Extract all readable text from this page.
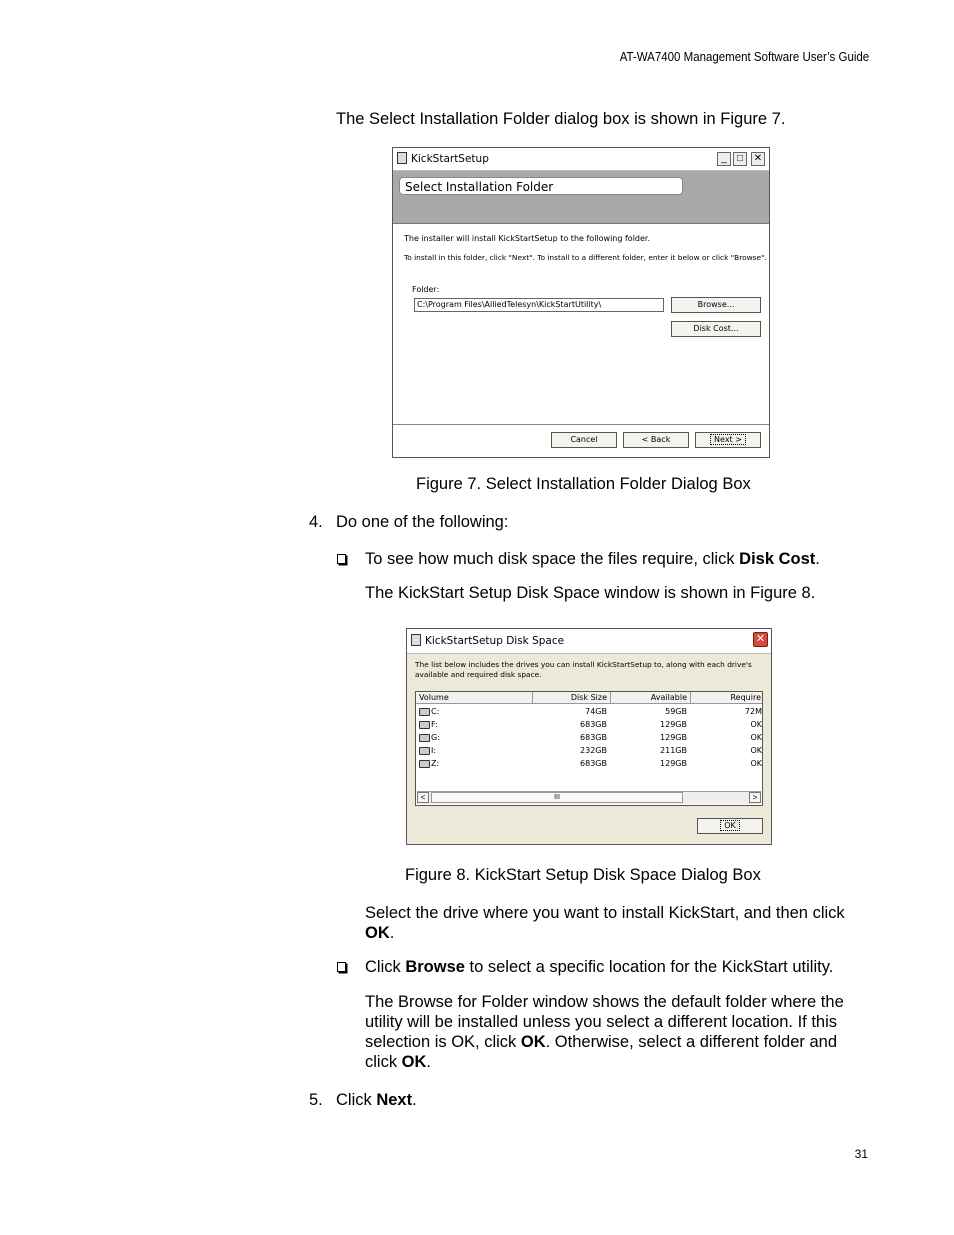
AT-WA7400 Management Software User’s Guide
The Select Installation Folder dialog box is shown in Figure 7.
KickStartSetup	_	□	✕
Select Installation Folder
The installer will install KickStartSetup to the following folder.
To install in this folder, click "Next". To install to a different folder, enter it below or click "Browse".
Folder:
C:\Program Files\AlliedTelesyn\KickStartUtility\	Browse...
Disk Cost...
Cancel	< Back	Next >
Figure 7. Select Installation Folder Dialog Box
4. Do one of the following:
To see how much disk space the files require, click Disk Cost.
The KickStart Setup Disk Space window is shown in Figure 8.
KickStartSetup Disk Space	✕
The list below includes the drives you can install KickStartSetup to, along with each drive's
available and required disk space.
Volume	Disk Size	Available	Require
C:	74GB	59GB	72M
F:	683GB	129GB	OK
G:	683GB	129GB	OK
I:	232GB	211GB	OK
Z:	683GB	129GB	OK
<	III	>
OK
Figure 8. KickStart Setup Disk Space Dialog Box
Select the drive where you want to install KickStart, and then click OK.
Click Browse to select a specific location for the KickStart utility.
The Browse for Folder window shows the default folder where the utility will be installed unless you select a different location. If this selection is OK, click OK. Otherwise, select a different folder and click OK.
5. Click Next.
31
